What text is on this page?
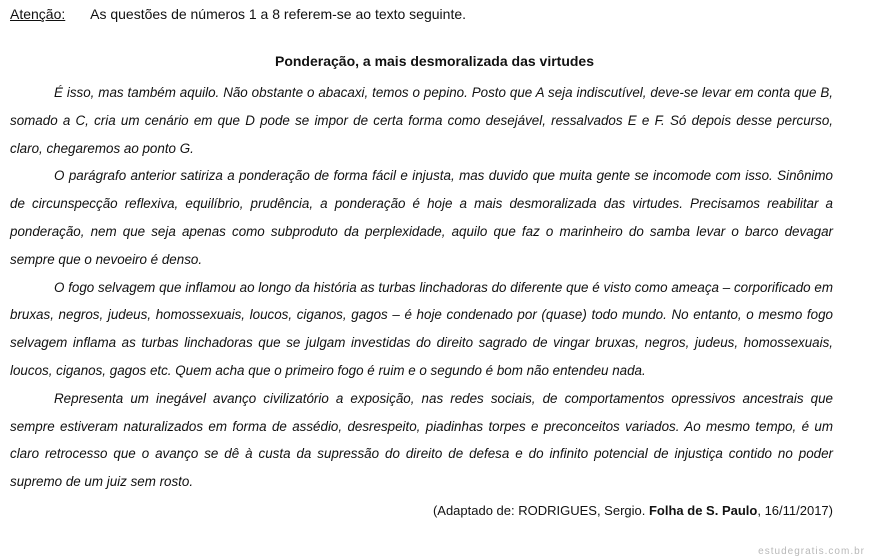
Atenção: As questões de números 1 a 8 referem-se ao texto seguinte.
Ponderação, a mais desmoralizada das virtudes

É isso, mas também aquilo. Não obstante o abacaxi, temos o pepino. Posto que A seja indiscutível, deve-se levar em conta que B, somado a C, cria um cenário em que D pode se impor de certa forma como desejável, ressalvados E e F. Só depois desse percurso, claro, chegaremos ao ponto G.

O parágrafo anterior satiriza a ponderação de forma fácil e injusta, mas duvido que muita gente se incomode com isso. Sinônimo de circunspecção reflexiva, equilíbrio, prudência, a ponderação é hoje a mais desmoralizada das virtudes. Precisamos reabilitar a ponderação, nem que seja apenas como subproduto da perplexidade, aquilo que faz o marinheiro do samba levar o barco devagar sempre que o nevoeiro é denso.

O fogo selvagem que inflamou ao longo da história as turbas linchadoras do diferente que é visto como ameaça – corporificado em bruxas, negros, judeus, homossexuais, loucos, ciganos, gagos – é hoje condenado por (quase) todo mundo. No entanto, o mesmo fogo selvagem inflama as turbas linchadoras que se julgam investidas do direito sagrado de vingar bruxas, negros, judeus, homossexuais, loucos, ciganos, gagos etc. Quem acha que o primeiro fogo é ruim e o segundo é bom não entendeu nada.

Representa um inegável avanço civilizatório a exposição, nas redes sociais, de comportamentos opressivos ancestrais que sempre estiveram naturalizados em forma de assédio, desrespeito, piadinhas torpes e preconceitos variados. Ao mesmo tempo, é um claro retrocesso que o avanço se dê à custa da supressão do direito de defesa e do infinito potencial de injustiça contido no poder supremo de um juiz sem rosto.

(Adaptado de: RODRIGUES, Sergio. Folha de S. Paulo, 16/11/2017)
estudegratis.com.br
